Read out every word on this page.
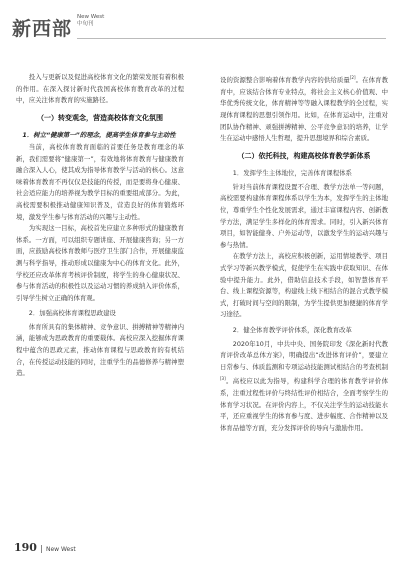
新西部
New West
中旬刊

投入与更新以及促进高校体育文化的繁荣发展有着积极的作用。在深入探讨新时代我国高校体育教育改革的过程中，应关注体育教育的实施路径。

（一）转变观念，营造高校体育文化氛围

1．树立“健康第一”的理念，提高学生体育参与主动性

当前，高校体育教育面临的首要任务是教育理念的革新，我们需要将“健康第一”，有效地将体育教育与健康教育融合深入人心，使其成为指导体育教学与活动的核心。这意味着体育教育不再仅仅是技能的传授，而是要将身心健康、社会适应能力的培养视为教学目标的重要组成部分。为此，高校需要积极推动健康知识普及，营造良好的体育锻炼环境，激发学生参与体育活动的兴趣与主动性。

为实现这一目标，高校首先应建立多种形式的健康教育体系。一方面，可以组织专题讲座、开展健康咨询；另一方面，应鼓励高校体育教师与医疗卫生部门合作，开展健康监测与科学指导，推动形成以健康为中心的体育文化。此外，学校还应改革体育考核评价制度，将学生的身心健康状况、参与体育活动的积极性以及运动习惯的养成纳入评价体系，引导学生树立正确的体育观。

2．加强高校体育课程思政建设

体育所具有的集体精神、竞争意识、拼搏精神等精神内涵，能够成为思政教育的重要载体。高校应深入挖掘体育课程中蕴含的思政元素，推动体育课程与思政教育的有机结合，在传授运动技能的同时，注重学生的品德修养与精神塑造。

设的资源整合影响着体育教学内容的供给质量[2]。在体育教育中，应该结合体育专业特点，将社会主义核心价值观、中华优秀传统文化，体育精神等等融入课程教学的全过程，实现体育课程的思想引领作用。比如，在体育运动中，注重对团队协作精神、顽强拼搏精神、公平竞争意识的培养，让学生在运动中感悟人生哲理，提升思想境界和综合素质。

（二）依托科技，构建高校体育教学新体系

1．发挥学生主体地位，完善体育课程体系

针对当前体育课程设置不合理、教学方法单一等问题，高校需要构建体育课程体系以学生为本，发挥学生的主体地位，尊重学生个性化发展需求，通过丰富课程内容、创新教学方法，满足学生多样化的体育需求。同时，引入新兴体育项目，如智能健身、户外运动等，以激发学生的运动兴趣与参与热情。

在教学方法上，高校应积极创新，运用情境教学、项目式学习等新兴教学模式，促使学生在实践中获取知识、在体验中提升能力。此外，借助信息技术手段，如智慧体育平台、线上课程资源等，构建线上线下相结合的混合式教学模式，打破时间与空间的限制，为学生提供更加便捷的体育学习途径。

2．健全体育教学评价体系，深化教育改革

2020年10月，中共中央、国务院印发《深化新时代教育评价改革总体方案》，明确提出“改进体育评价”，要建立日常参与、体质监测和专项运动技能测试相结合的考查机制[3]。高校应以此为指导，构建科学合理的体育教学评价体系，注重过程性评价与终结性评价相结合，全面考察学生的体育学习状况。在评价内容上，不仅关注学生的运动技能水平，还应重视学生的体育参与度、进步幅度、合作精神以及体育品德等方面，充分发挥评价的导向与激励作用。

190 New West
